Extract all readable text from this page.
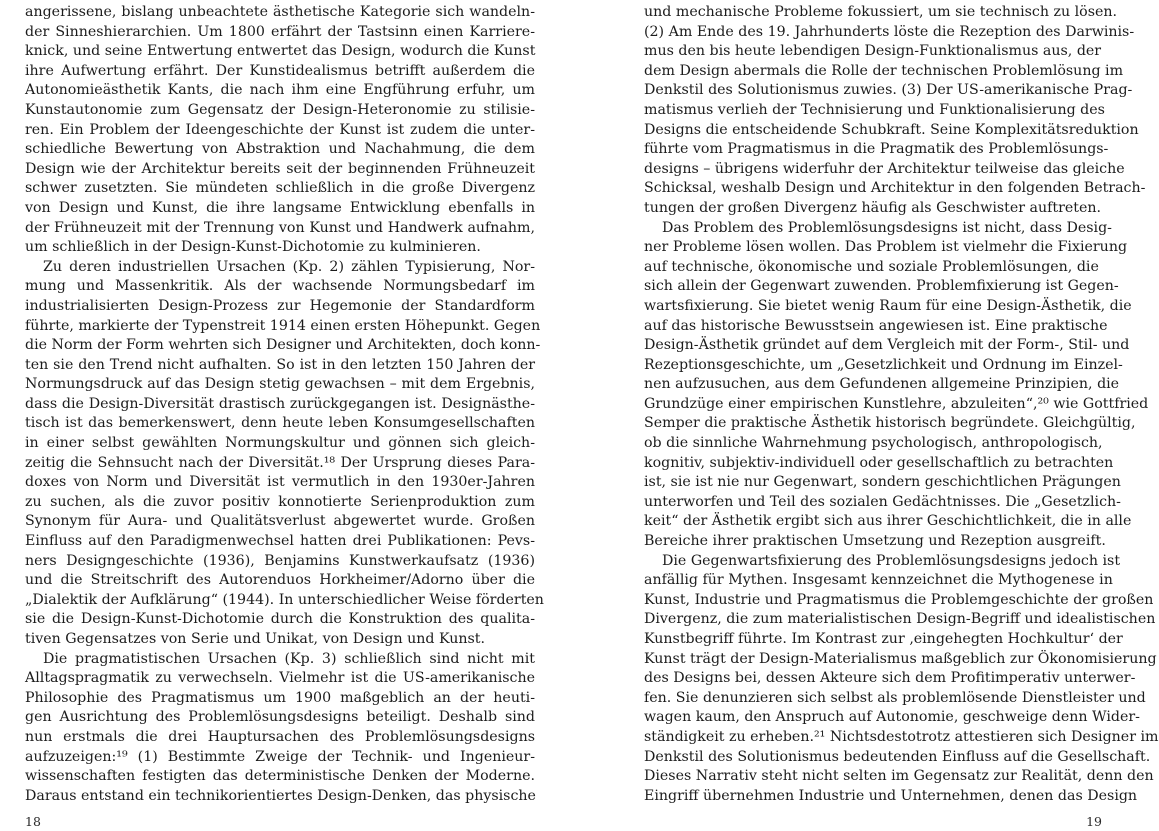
angerissene, bislang unbeachtete ästhetische Kategorie sich wandeln-
der Sinneshierarchien. Um 1800 erfährt der Tastsinn einen Karriere-
knick, und seine Entwertung entwertet das Design, wodurch die Kunst
ihre Aufwertung erfährt. Der Kunstidealismus betrifft außerdem die
Autonomieästhetik Kants, die nach ihm eine Engführung erfuhr, um
Kunstautonomie zum Gegensatz der Design-Heteronomie zu stilisie-
ren. Ein Problem der Ideengeschichte der Kunst ist zudem die unter-
schiedliche Bewertung von Abstraktion und Nachahmung, die dem
Design wie der Architektur bereits seit der beginnenden Frühneuzeit
schwer zusetzten. Sie mündeten schließlich in die große Divergenz
von Design und Kunst, die ihre langsame Entwicklung ebenfalls in
der Frühneuzeit mit der Trennung von Kunst und Handwerk aufnahm,
um schließlich in der Design-Kunst-Dichotomie zu kulminieren.
Zu deren industriellen Ursachen (Kp. 2) zählen Typisierung, Nor-
mung und Massenkritik. Als der wachsende Normungsbedarf im
industrialisierten Design-Prozess zur Hegemonie der Standardform
führte, markierte der Typenstreit 1914 einen ersten Höhepunkt. Gegen
die Norm der Form wehrten sich Designer und Architekten, doch konn-
ten sie den Trend nicht aufhalten. So ist in den letzten 150 Jahren der
Normungsdruck auf das Design stetig gewachsen – mit dem Ergebnis,
dass die Design-Diversität drastisch zurückgegangen ist. Designästhe-
tisch ist das bemerkenswert, denn heute leben Konsumgesellschaften
in einer selbst gewählten Normungskultur und gönnen sich gleich-
zeitig die Sehnsucht nach der Diversität.¹⁸ Der Ursprung dieses Para-
doxes von Norm und Diversität ist vermutlich in den 1930er-Jahren
zu suchen, als die zuvor positiv konnotierte Serienproduktion zum
Synonym für Aura- und Qualitätsverlust abgewertet wurde. Großen
Einfluss auf den Paradigmenwechsel hatten drei Publikationen: Pevs-
ners Designgeschichte (1936), Benjamins Kunstwerkaufsatz (1936)
und die Streitschrift des Autorenduos Horkheimer/Adorno über die
„Dialektik der Aufklärung“ (1944). In unterschiedlicher Weise förderten
sie die Design-Kunst-Dichotomie durch die Konstruktion des qualita-
tiven Gegensatzes von Serie und Unikat, von Design und Kunst.
Die pragmatistischen Ursachen (Kp. 3) schließlich sind nicht mit
Alltagspragmatik zu verwechseln. Vielmehr ist die US-amerikanische
Philosophie des Pragmatismus um 1900 maßgeblich an der heuti-
gen Ausrichtung des Problemlösungsdesigns beteiligt. Deshalb sind
nun erstmals die drei Hauptursachen des Problemlösungsdesigns
aufzuzeigen:¹⁹ (1) Bestimmte Zweige der Technik- und Ingenieur-
wissenschaften festigten das deterministische Denken der Moderne.
Daraus entstand ein technikorientiertes Design-Denken, das physische
18
und mechanische Probleme fokussiert, um sie technisch zu lösen.
(2) Am Ende des 19. Jahrhunderts löste die Rezeption des Darwinis-
mus den bis heute lebendigen Design-Funktionalismus aus, der
dem Design abermals die Rolle der technischen Problemlösung im
Denkstil des Solutionismus zuwies. (3) Der US-amerikanische Prag-
matismus verlieh der Technisierung und Funktionalisierung des
Designs die entscheidende Schubkraft. Seine Komplexitätsreduktion
führte vom Pragmatismus in die Pragmatik des Problemlösungs-
designs – übrigens widerfuhr der Architektur teilweise das gleiche
Schicksal, weshalb Design und Architektur in den folgenden Betrach-
tungen der großen Divergenz häufig als Geschwister auftreten.
Das Problem des Problemlösungsdesigns ist nicht, dass Desig-
ner Probleme lösen wollen. Das Problem ist vielmehr die Fixierung
auf technische, ökonomische und soziale Problemlösungen, die
sich allein der Gegenwart zuwenden. Problemfixierung ist Gegen-
wartsfixierung. Sie bietet wenig Raum für eine Design-Ästhetik, die
auf das historische Bewusstsein angewiesen ist. Eine praktische
Design-Ästhetik gründet auf dem Vergleich mit der Form-, Stil- und
Rezeptionsgeschichte, um „Gesetzlichkeit und Ordnung im Einzel-
nen aufzusuchen, aus dem Gefundenen allgemeine Prinzipien, die
Grundzüge einer empirischen Kunstlehre, abzuleiten“,²⁰ wie Gottfried
Semper die praktische Ästhetik historisch begründete. Gleichgültig,
ob die sinnliche Wahrnehmung psychologisch, anthropologisch,
kognitiv, subjektiv-individuell oder gesellschaftlich zu betrachten
ist, sie ist nie nur Gegenwart, sondern geschichtlichen Prägungen
unterworfen und Teil des sozialen Gedächtnisses. Die „Gesetzlich-
keit“ der Ästhetik ergibt sich aus ihrer Geschichtlichkeit, die in alle
Bereiche ihrer praktischen Umsetzung und Rezeption ausgreift.
Die Gegenwartsfixierung des Problemlösungsdesigns jedoch ist
anfällig für Mythen. Insgesamt kennzeichnet die Mythogenese in
Kunst, Industrie und Pragmatismus die Problemgeschichte der großen
Divergenz, die zum materialistischen Design-Begriff und idealistischen
Kunstbegriff führte. Im Kontrast zur ‚eingehegten Hochkultur‘ der
Kunst trägt der Design-Materialismus maßgeblich zur Ökonomisierung
des Designs bei, dessen Akteure sich dem Profitimperativ unterwer-
fen. Sie denunzieren sich selbst als problemlösende Dienstleister und
wagen kaum, den Anspruch auf Autonomie, geschweige denn Wider-
ständigkeit zu erheben.²¹ Nichtsdestotrotz attestieren sich Designer im
Denkstil des Solutionismus bedeutenden Einfluss auf die Gesellschaft.
Dieses Narrativ steht nicht selten im Gegensatz zur Realität, denn den
Eingriff übernehmen Industrie und Unternehmen, denen das Design
19
